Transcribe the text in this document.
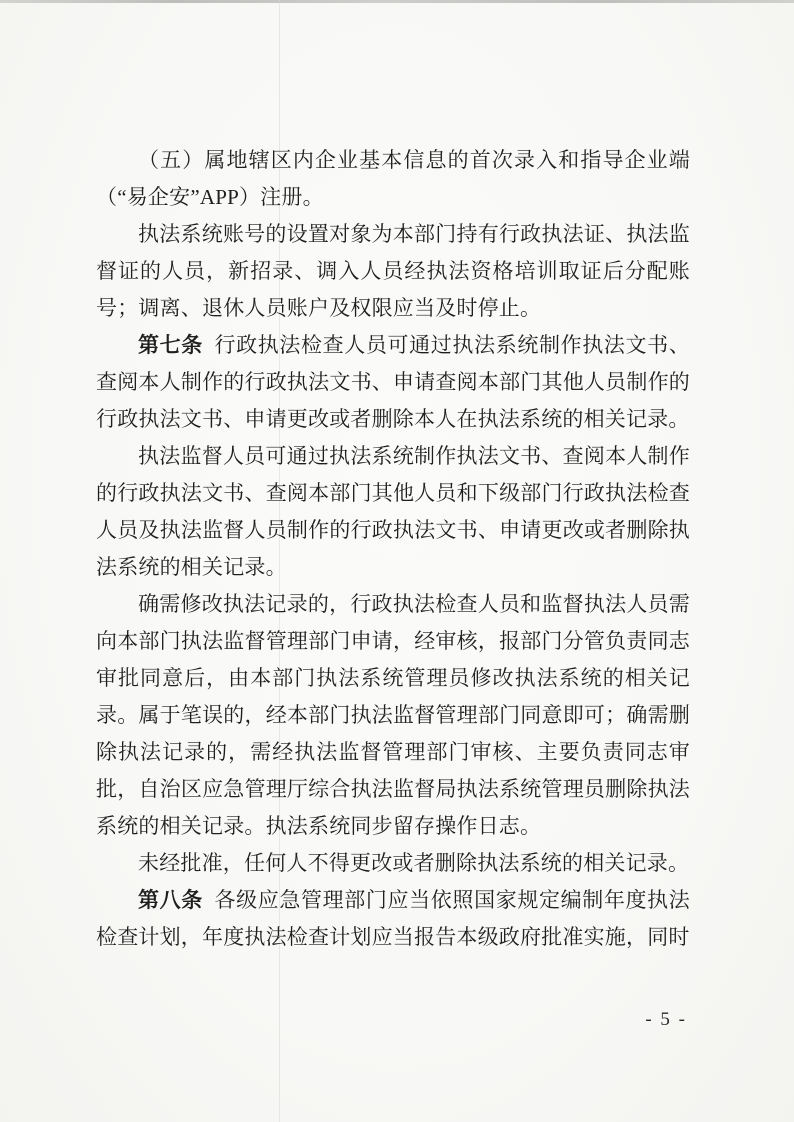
（五）属地辖区内企业基本信息的首次录入和指导企业端（“易企安”APP）注册。

执法系统账号的设置对象为本部门持有行政执法证、执法监督证的人员，新招录、调入人员经执法资格培训取证后分配账号；调离、退休人员账户及权限应当及时停止。

第七条 行政执法检查人员可通过执法系统制作执法文书、查阅本人制作的行政执法文书、申请查阅本部门其他人员制作的行政执法文书、申请更改或者删除本人在执法系统的相关记录。

执法监督人员可通过执法系统制作执法文书、查阅本人制作的行政执法文书、查阅本部门其他人员和下级部门行政执法检查人员及执法监督人员制作的行政执法文书、申请更改或者删除执法系统的相关记录。

确需修改执法记录的，行政执法检查人员和监督执法人员需向本部门执法监督管理部门申请，经审核，报部门分管负责同志审批同意后，由本部门执法系统管理员修改执法系统的相关记录。属于笔误的，经本部门执法监督管理部门同意即可；确需删除执法记录的，需经执法监督管理部门审核、主要负责同志审批，自治区应急管理厅综合执法监督局执法系统管理员删除执法系统的相关记录。执法系统同步留存操作日志。

未经批准，任何人不得更改或者删除执法系统的相关记录。

第八条 各级应急管理部门应当依照国家规定编制年度执法检查计划，年度执法检查计划应当报告本级政府批准实施，同时

- 5 -
